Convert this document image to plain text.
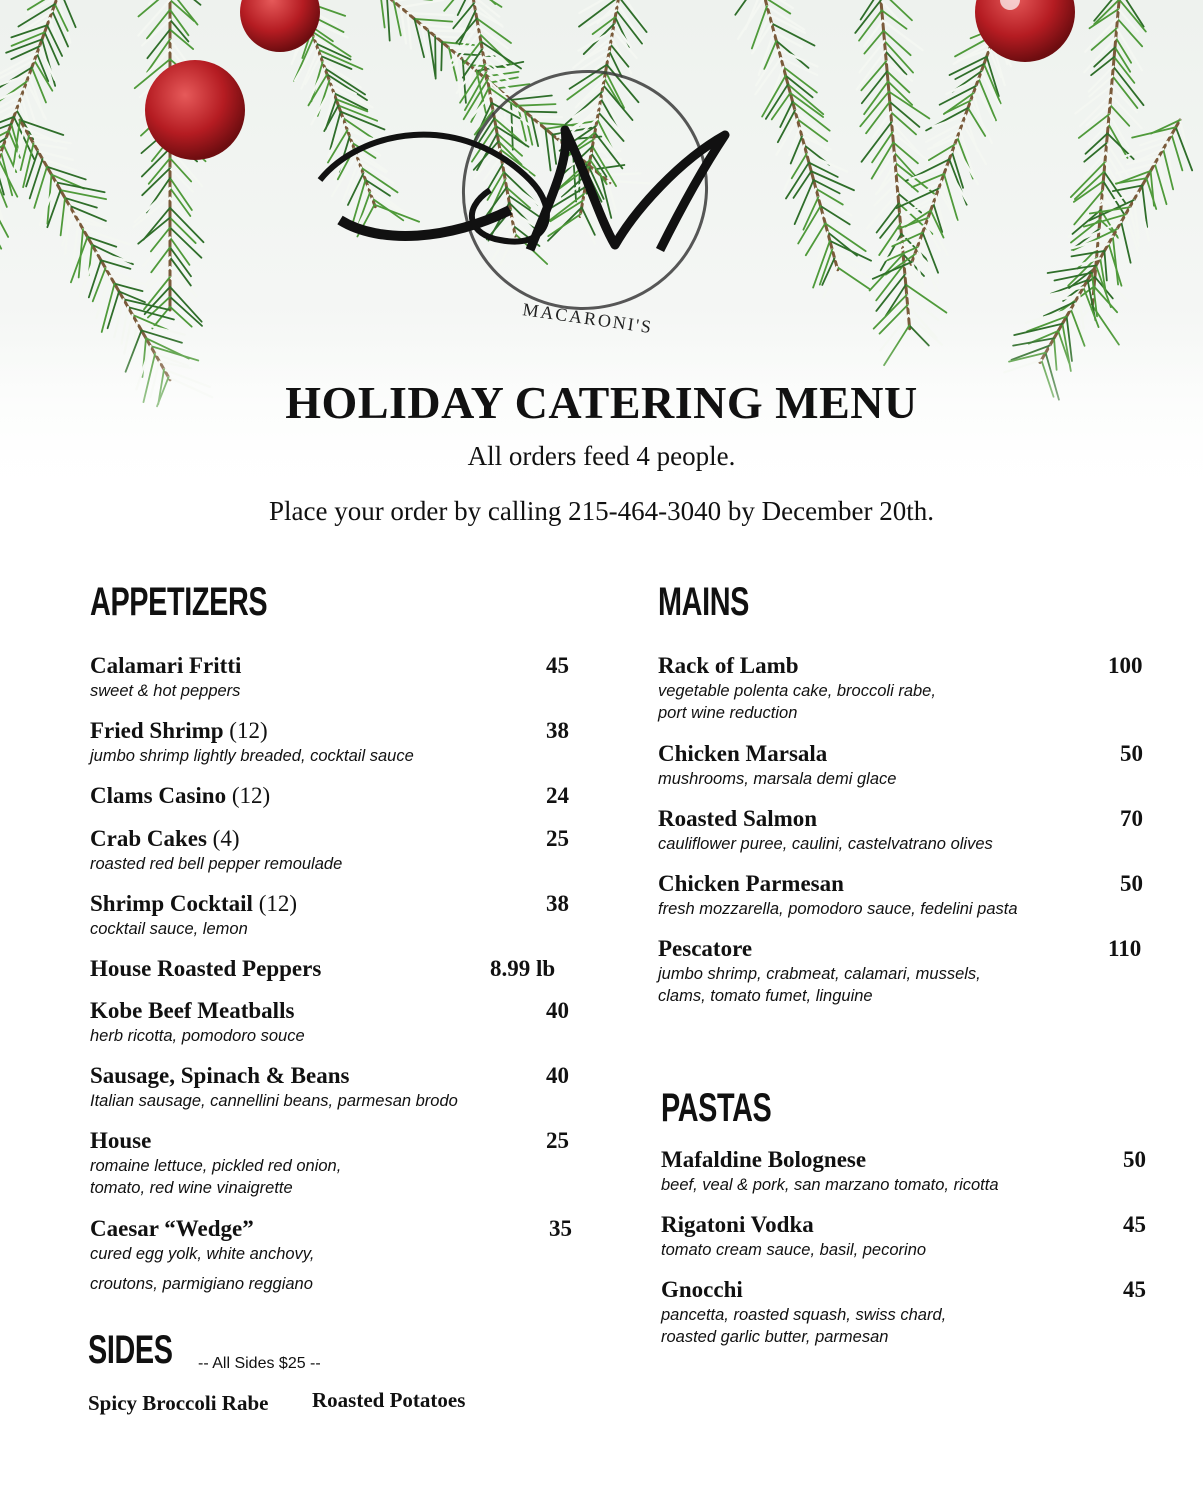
MACARONI'S
HOLIDAY CATERING MENU
All orders feed 4 people.
Place your order by calling 215-464-3040 by December 20th.
APPETIZERS
Calamari Fritti
sweet & hot peppers
45
Fried Shrimp (12)
jumbo shrimp lightly breaded, cocktail sauce
38
Clams Casino (12)	24
Crab Cakes (4)
roasted red bell pepper remoulade
25
Shrimp Cocktail (12)
cocktail sauce, lemon
38
House Roasted Peppers	8.99 lb
Kobe Beef Meatballs
herb ricotta, pomodoro souce
40
Sausage, Spinach & Beans
Italian sausage, cannellini beans, parmesan brodo
40
House
romaine lettuce, pickled red onion,
tomato, red wine vinaigrette
25
Caesar “Wedge”
cured egg yolk, white anchovy,
croutons, parmigiano reggiano
35
SIDES -- All Sides $25 --
Spicy Broccoli Rabe Roasted Potatoes
MAINS
Rack of Lamb
vegetable polenta cake, broccoli rabe,
port wine reduction
100
Chicken Marsala
mushrooms, marsala demi glace
50
Roasted Salmon
cauliflower puree, caulini, castelvatrano olives
70
Chicken Parmesan
fresh mozzarella, pomodoro sauce, fedelini pasta
50
Pescatore
jumbo shrimp, crabmeat, calamari, mussels,
clams, tomato fumet, linguine
110
PASTAS
Mafaldine Bolognese
beef, veal & pork, san marzano tomato, ricotta
50
Rigatoni Vodka
tomato cream sauce, basil, pecorino
45
Gnocchi
pancetta, roasted squash, swiss chard,
roasted garlic butter, parmesan
45
